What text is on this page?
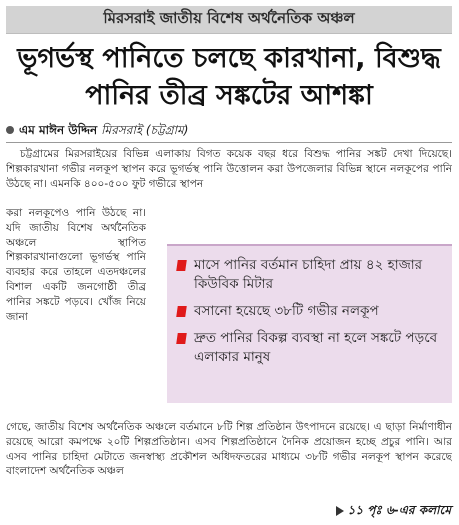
মিরসরাই জাতীয় বিশেষ অর্থনৈতিক অঞ্চল
ভূগর্ভস্থ পানিতে চলছে কারখানা, বিশুদ্ধ
পানির তীব্র সঙ্কটের আশঙ্কা
এম মাঈন উদ্দিন মিরসরাই (চট্টগ্রাম)

চট্টগ্রামের মিরসরাইয়ের বিভিন্ন এলাকায় বিগত কয়েক বছর ধরে বিশুদ্ধ পানির সঙ্কট দেখা দিয়েছে। শিল্পকারখানা গভীর নলকূপ স্থাপন করে ভূগর্ভস্থ পানি উত্তোলন করা উপজেলার বিভিন্ন স্থানে নলকূপের পানি উঠছে না। এমনকি ৪০০-৫০০ ফুট গভীরে স্থাপন

করা নলকূপেও পানি উঠছে না। যদি জাতীয় বিশেষ অর্থনৈতিক অঞ্চলে স্থাপিত শিল্পকারখানাগুলো ভূগর্ভস্থ পানি ব্যবহার করে তাহলে এতদঞ্চলের বিশাল একটি জনগোষ্ঠী তীব্র পানির সঙ্কটে পড়বে। খোঁজ নিয়ে জানা

মাসে পানির বর্তমান চাহিদা প্রায় ৪২ হাজার কিউবিক মিটার
বসানো হয়েছে ৩৮টি গভীর নলকূপ
দ্রুত পানির বিকল্প ব্যবস্থা না হলে সঙ্কটে পড়বে এলাকার মানুষ

গেছে, জাতীয় বিশেষ অর্থনৈতিক অঞ্চলে বর্তমানে ৮টি শিল্প প্রতিষ্ঠান উৎপাদনে রয়েছে। এ ছাড়া নির্মাণাধীন রয়েছে আরো কমপক্ষে ২০টি শিল্পপ্রতিষ্ঠান। এসব শিল্পপ্রতিষ্ঠানে দৈনিক প্রয়োজন হচ্ছে প্রচুর পানি। আর এসব পানির চাহিদা মেটাতে জনস্বাস্থ্য প্রকৌশল অধিদফতরের মাধ্যমে ৩৮টি গভীর নলকূপ স্থাপন করেছে বাংলাদেশ অর্থনৈতিক অঞ্চল

১১ পৃঃ ৬-এর কলামে
